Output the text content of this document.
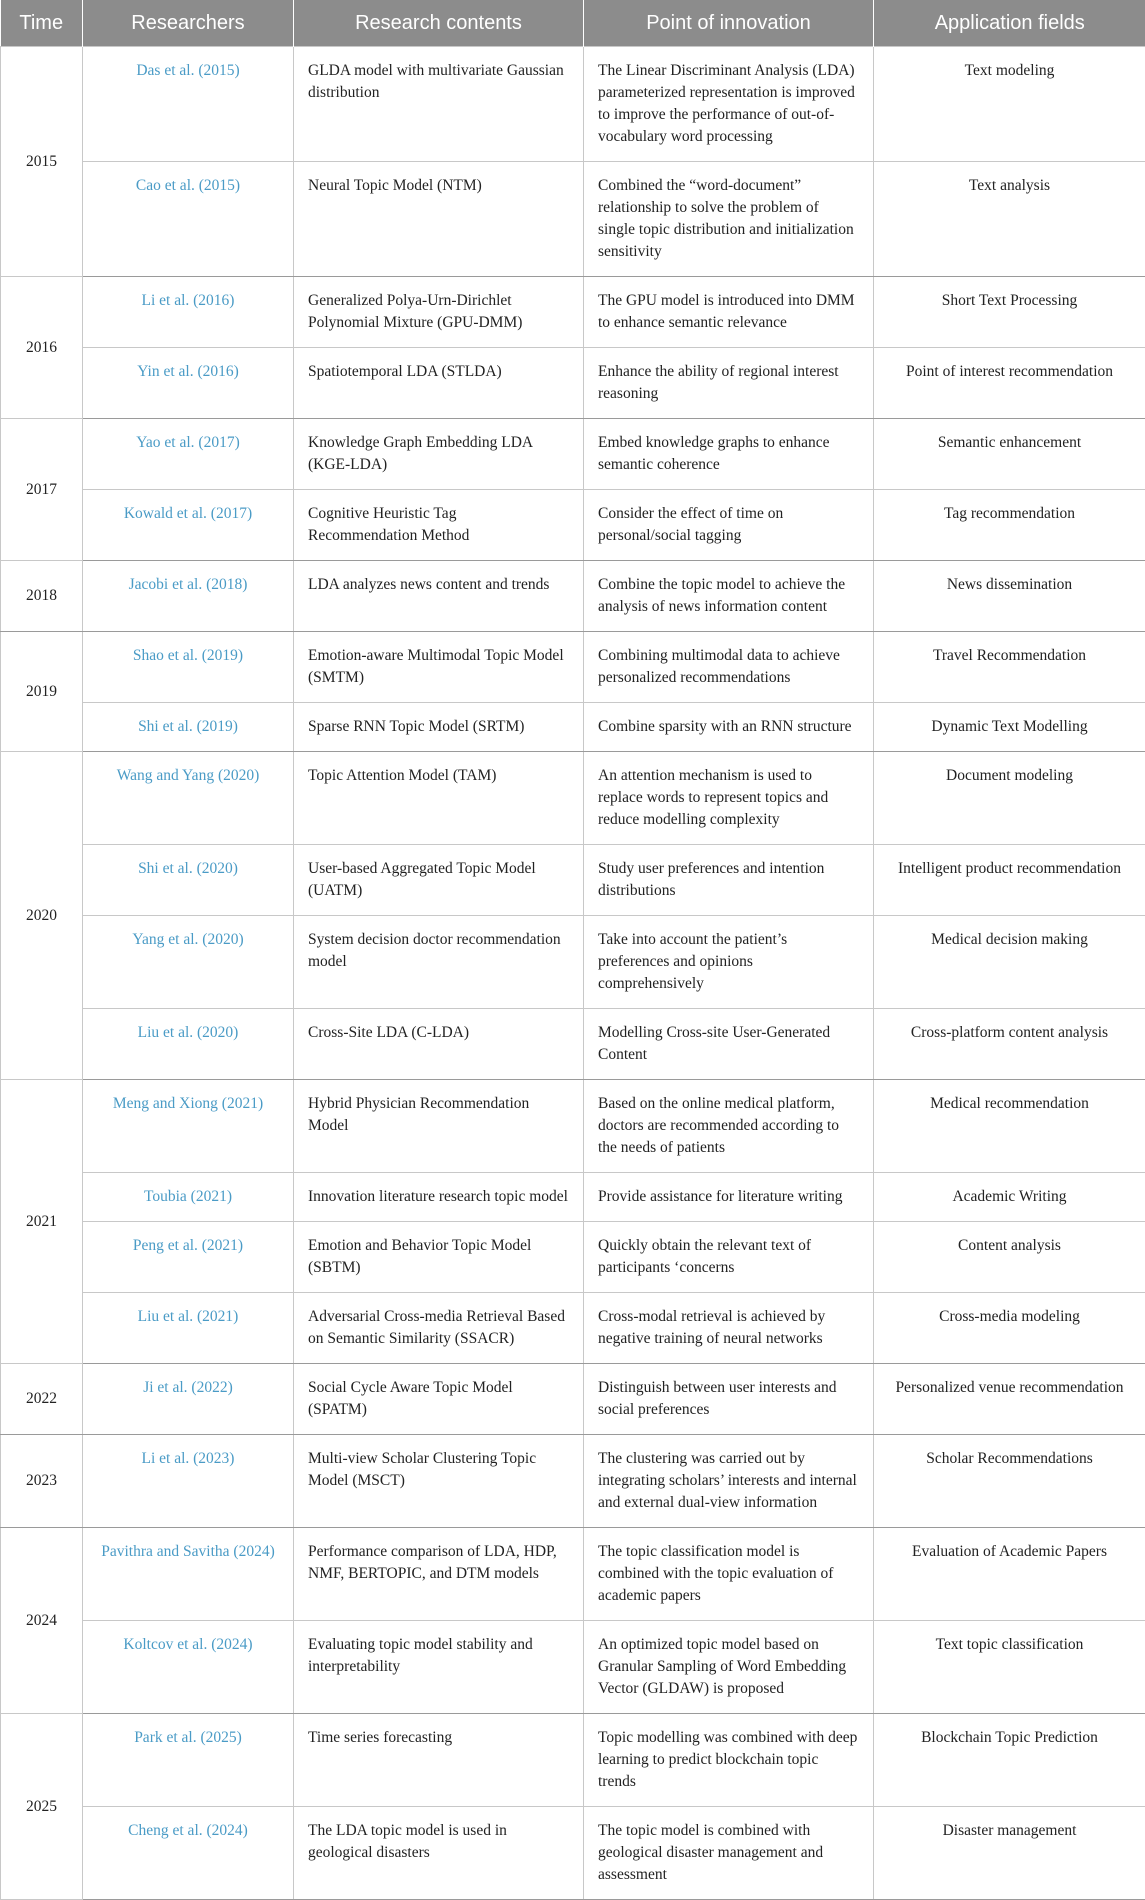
Time	Researchers	Research contents	Point of innovation	Application fields
2015	Das et al. (2015)	GLDA model with multivariate Gaussian distribution	The Linear Discriminant Analysis (LDA) parameterized representation is improved to improve the performance of out-of-vocabulary word processing	Text modeling
	Cao et al. (2015)	Neural Topic Model (NTM)	Combined the “word-document” relationship to solve the problem of single topic distribution and initialization sensitivity	Text analysis
2016	Li et al. (2016)	Generalized Polya-Urn-Dirichlet Polynomial Mixture (GPU-DMM)	The GPU model is introduced into DMM to enhance semantic relevance	Short Text Processing
	Yin et al. (2016)	Spatiotemporal LDA (STLDA)	Enhance the ability of regional interest reasoning	Point of interest recommendation
2017	Yao et al. (2017)	Knowledge Graph Embedding LDA (KGE-LDA)	Embed knowledge graphs to enhance semantic coherence	Semantic enhancement
	Kowald et al. (2017)	Cognitive Heuristic Tag Recommendation Method	Consider the effect of time on personal/social tagging	Tag recommendation
2018	Jacobi et al. (2018)	LDA analyzes news content and trends	Combine the topic model to achieve the analysis of news information content	News dissemination
2019	Shao et al. (2019)	Emotion-aware Multimodal Topic Model (SMTM)	Combining multimodal data to achieve personalized recommendations	Travel Recommendation
	Shi et al. (2019)	Sparse RNN Topic Model (SRTM)	Combine sparsity with an RNN structure	Dynamic Text Modelling
2020	Wang and Yang (2020)	Topic Attention Model (TAM)	An attention mechanism is used to replace words to represent topics and reduce modelling complexity	Document modeling
	Shi et al. (2020)	User-based Aggregated Topic Model (UATM)	Study user preferences and intention distributions	Intelligent product recommendation
	Yang et al. (2020)	System decision doctor recommendation model	Take into account the patient’s preferences and opinions comprehensively	Medical decision making
	Liu et al. (2020)	Cross-Site LDA (C-LDA)	Modelling Cross-site User-Generated Content	Cross-platform content analysis
2021	Meng and Xiong (2021)	Hybrid Physician Recommendation Model	Based on the online medical platform, doctors are recommended according to the needs of patients	Medical recommendation
	Toubia (2021)	Innovation literature research topic model	Provide assistance for literature writing	Academic Writing
	Peng et al. (2021)	Emotion and Behavior Topic Model (SBTM)	Quickly obtain the relevant text of participants ‘concerns	Content analysis
	Liu et al. (2021)	Adversarial Cross-media Retrieval Based on Semantic Similarity (SSACR)	Cross-modal retrieval is achieved by negative training of neural networks	Cross-media modeling
2022	Ji et al. (2022)	Social Cycle Aware Topic Model (SPATM)	Distinguish between user interests and social preferences	Personalized venue recommendation
2023	Li et al. (2023)	Multi-view Scholar Clustering Topic Model (MSCT)	The clustering was carried out by integrating scholars’ interests and internal and external dual-view information	Scholar Recommendations
2024	Pavithra and Savitha (2024)	Performance comparison of LDA, HDP, NMF, BERTOPIC, and DTM models	The topic classification model is combined with the topic evaluation of academic papers	Evaluation of Academic Papers
	Koltcov et al. (2024)	Evaluating topic model stability and interpretability	An optimized topic model based on Granular Sampling of Word Embedding Vector (GLDAW) is proposed	Text topic classification
2025	Park et al. (2025)	Time series forecasting	Topic modelling was combined with deep learning to predict blockchain topic trends	Blockchain Topic Prediction
	Cheng et al. (2024)	The LDA topic model is used in geological disasters	The topic model is combined with geological disaster management and assessment	Disaster management
